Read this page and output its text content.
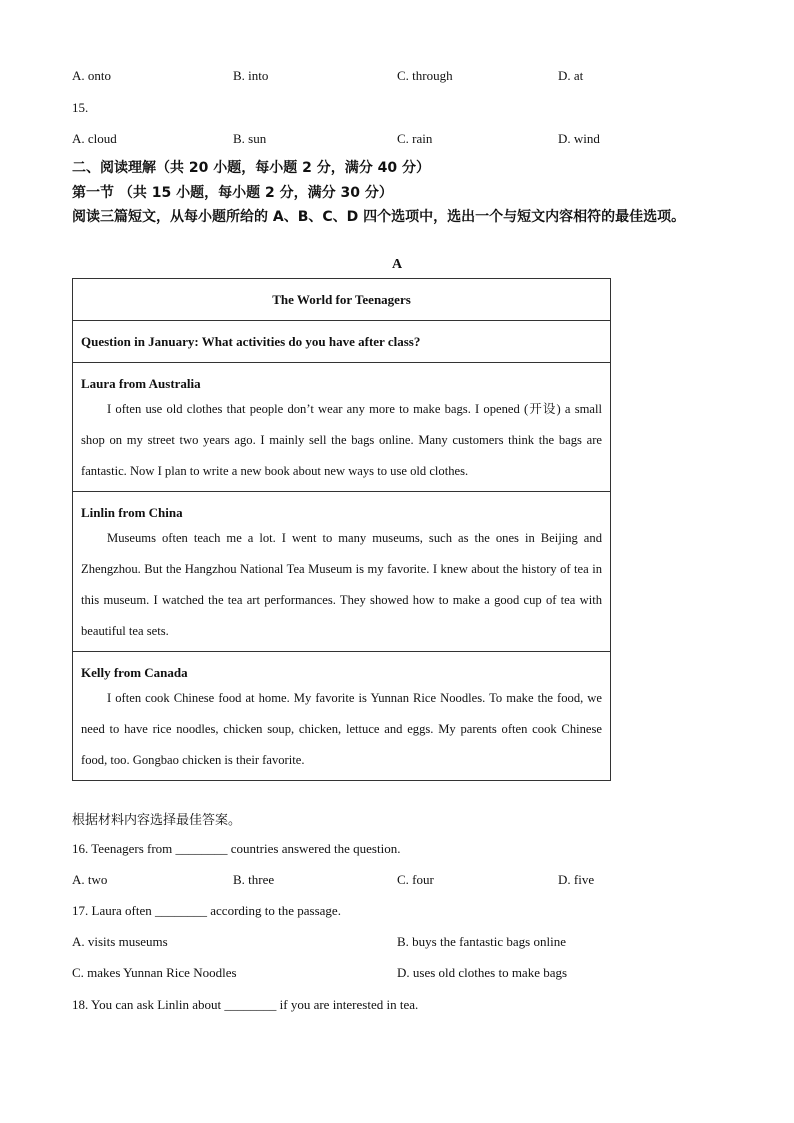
A. onto	B. into	C. through	D. at
15.
A. cloud	B. sun	C. rain	D. wind
二、阅读理解（共 20 小题，每小题 2 分，满分 40 分）
第一节 （共 15 小题，每小题 2 分，满分 30 分）
阅读三篇短文，从每小题所给的 A、B、C、D 四个选项中，选出一个与短文内容相符的最佳选项。
A
The World for Teenagers
Question in January: What activities do you have after class?

Laura from Australia

I often use old clothes that people don’t wear any more to make bags. I opened (开设) a small shop on my street two years ago. I mainly sell the bags online. Many customers think the bags are fantastic. Now I plan to write a new book about new ways to use old clothes.

Linlin from China

Museums often teach me a lot. I went to many museums, such as the ones in Beijing and Zhengzhou. But the Hangzhou National Tea Museum is my favorite. I knew about the history of tea in this museum. I watched the tea art performances. They showed how to make a good cup of tea with beautiful tea sets.

Kelly from Canada

I often cook Chinese food at home. My favorite is Yunnan Rice Noodles. To make the food, we need to have rice noodles, chicken soup, chicken, lettuce and eggs. My parents often cook Chinese food, too. Gongbao chicken is their favorite.

根据材料内容选择最佳答案。
16. Teenagers from ________ countries answered the question.
A. two	B. three	C. four	D. five
17. Laura often ________ according to the passage.
A. visits museums	B. buys the fantastic bags online
C. makes Yunnan Rice Noodles	D. uses old clothes to make bags
18. You can ask Linlin about ________ if you are interested in tea.
